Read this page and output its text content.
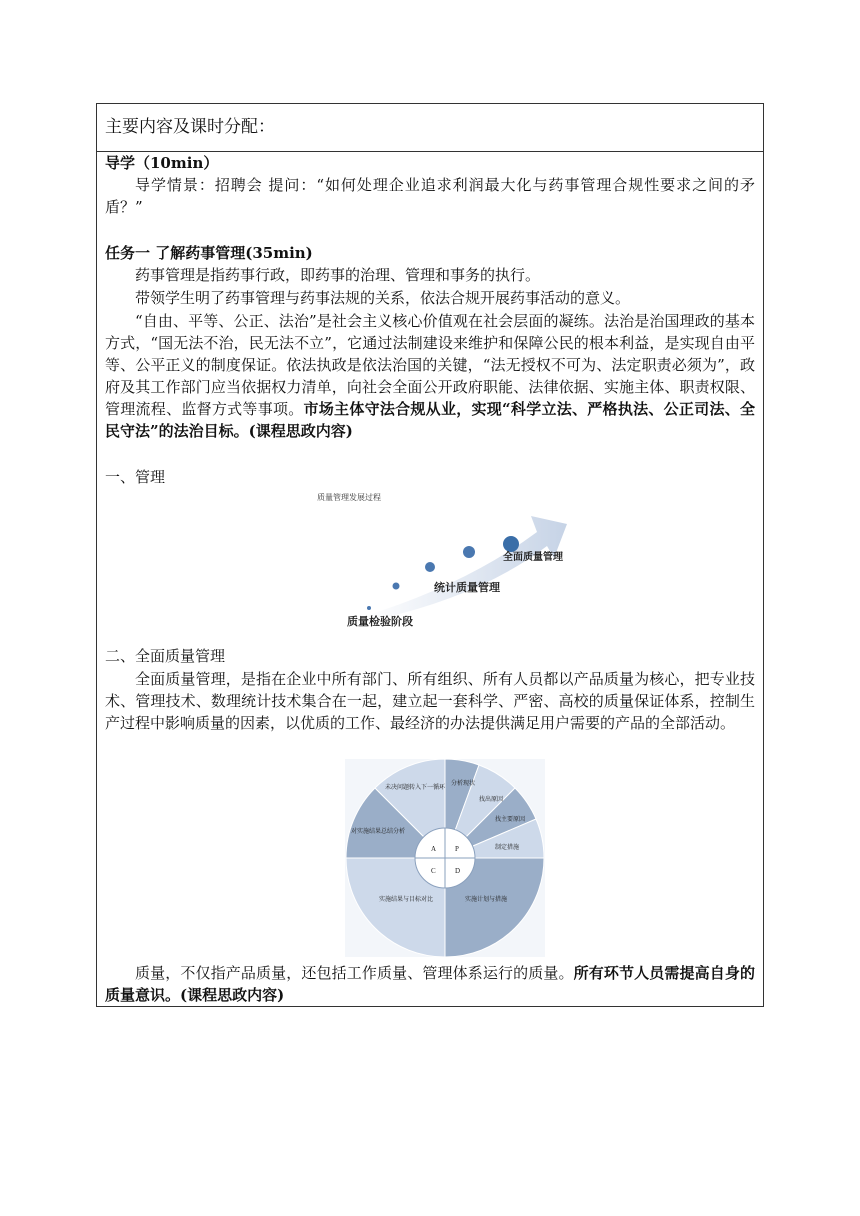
主要内容及课时分配：

导学（10min）

导学情景：招聘会 提问：“如何处理企业追求利润最大化与药事管理合规性要求之间的矛盾？”

任务一 了解药事管理(35min)

药事管理是指药事行政，即药事的治理、管理和事务的执行。

带领学生明了药事管理与药事法规的关系，依法合规开展药事活动的意义。

“自由、平等、公正、法治”是社会主义核心价值观在社会层面的凝练。法治是治国理政的基本方式，“国无法不治，民无法不立”，它通过法制建设来维护和保障公民的根本利益，是实现自由平等、公平正义的制度保证。依法执政是依法治国的关键，“法无授权不可为、法定职责必须为”，政府及其工作部门应当依据权力清单，向社会全面公开政府职能、法律依据、实施主体、职责权限、管理流程、监督方式等事项。市场主体守法合规从业，实现“科学立法、严格执法、公正司法、全民守法”的法治目标。(课程思政内容)

一、管理

质量管理发展过程
质量检验阶段
统计质量管理
全面质量管理

二、全面质量管理

全面质量管理，是指在企业中所有部门、所有组织、所有人员都以产品质量为核心，把专业技术、管理技术、数理统计技术集合在一起，建立起一套科学、严密、高校的质量保证体系，控制生产过程中影响质量的因素，以优质的工作、最经济的办法提供满足用户需要的产品的全部活动。

A	P
C	D
分析现状
找出原因
找主要原因
制定措施
实施计划与措施
实施结果与目标对比
对实施结果总结分析
未决问题转入下一循环

质量，不仅指产品质量，还包括工作质量、管理体系运行的质量。所有环节人员需提高自身的质量意识。(课程思政内容)
